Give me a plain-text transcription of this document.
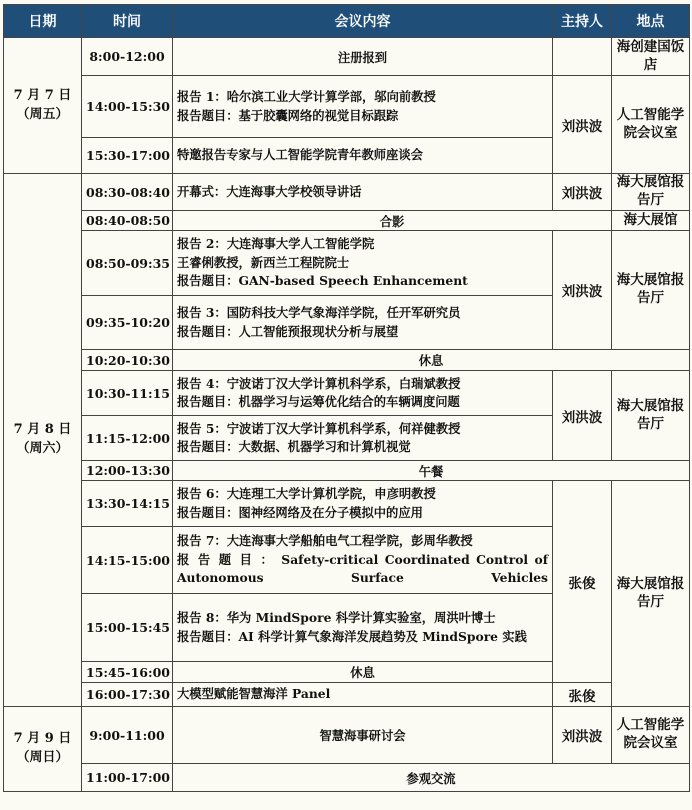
日期	时间	会议内容	主持人	地点

7 月 7 日
（周五）	8:00-12:00	注册报到		海创建国饭店
	14:00-15:30	报告 1：哈尔滨工业大学计算学部，邬向前教授
报告题目：基于胶囊网络的视觉目标跟踪	刘洪波	人工智能学院会议室
	15:30-17:00	特邀报告专家与人工智能学院青年教师座谈会		

7 月 8 日
（周六）	08:30-08:40	开幕式：大连海事大学校领导讲话	刘洪波	海大展馆报告厅
	08:40-08:50	合影		海大展馆
	08:50-09:35	报告 2：大连海事大学人工智能学院
王睿俐教授，新西兰工程院院士
报告题目：GAN-based Speech Enhancement	刘洪波	海大展馆报告厅
	09:35-10:20	报告 3：国防科技大学气象海洋学院，任开军研究员
报告题目：人工智能预报现状分析与展望		

	10:20-10:30	休息		
	10:30-11:15	报告 4：宁波诺丁汉大学计算机科学系，白瑞斌教授
报告题目：机器学习与运筹优化结合的车辆调度问题	刘洪波	海大展馆报告厅
	11:15-12:00	报告 5：宁波诺丁汉大学计算机科学系，何祥健教授
报告题目：大数据、机器学习和计算机视觉		

	12:00-13:30	午餐		
	13:30-14:15	报告 6：大连理工大学计算机学院，申彦明教授
报告题目：图神经网络及在分子模拟中的应用	张俊	海大展馆报告厅
	14:15-15:00	报告 7：大连海事大学船舶电气工程学院，彭周华教授
报 告 题 目 ： Safety-critical Coordinated Control of Autonomous Surface Vehicles		

	15:00-15:45	报告 8：华为 MindSpore 科学计算实验室，周洪叶博士
报告题目：AI 科学计算气象海洋发展趋势及 MindSpore 实践		

	15:45-16:00	休息		
	16:00-17:30	大模型赋能智慧海洋 Panel	张俊	

7 月 9 日
（周日）	9:00-11:00	智慧海事研讨会	刘洪波	人工智能学院会议室
	11:00-17:00	参观交流		
